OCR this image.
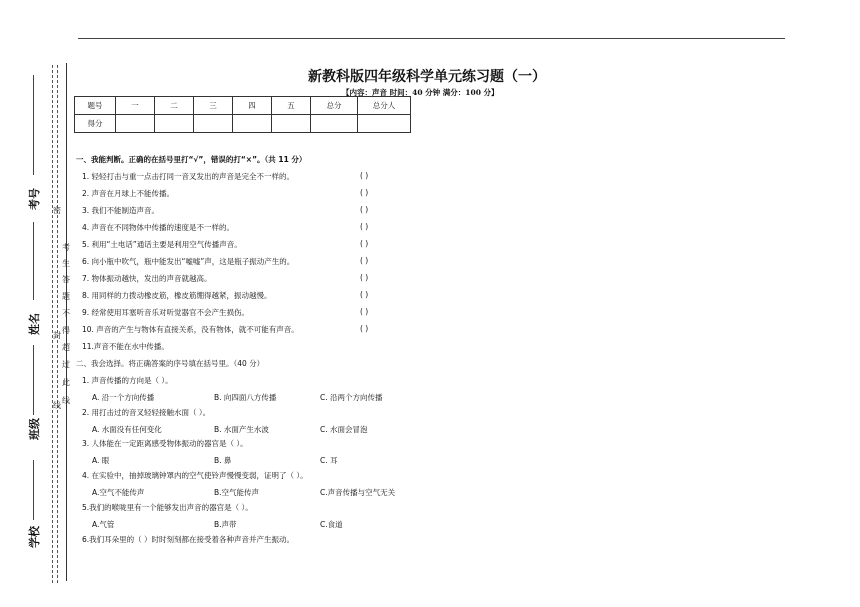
学校
班级
姓名
考号
考
生
答
题
不
得
超
过
此
线
密
封
线
新教科版四年级科学单元练习题（一）
【内容：声音 时间：40 分钟 满分：100 分】
题号	一	二	三	四	五	总分	总分人
得分							
一、我能判断。正确的在括号里打“√”，错误的打“×”。（共 11 分）
1. 轻轻打击与重一点击打同一音叉发出的声音是完全不一样的。	( )
2. 声音在月球上不能传播。	( )
3. 我们不能制造声音。	( )
4. 声音在不同物体中传播的速度是不一样的。	( )
5. 利用“土电话”通话主要是利用空气传播声音。	( )
6. 向小瓶中吹气，瓶中能发出“嘘嘘”声，这是瓶子振动产生的。	( )
7. 物体振动越快，发出的声音就越高。	( )
8. 用同样的力拨动橡皮筋，橡皮筋绷得越紧，振动越慢。	( )
9. 经常使用耳塞听音乐对听觉器官不会产生损伤。	( )
10. 声音的产生与物体有直接关系，没有物体，就不可能有声音。	( )
11.声音不能在水中传播。
二、我会选择。将正确答案的序号填在括号里。（40 分）
1. 声音传播的方向是（ ）。
A. 沿一个方向传播	B. 向四面八方传播	C. 沿两个方向传播
2. 用打击过的音叉轻轻接触水面（ ）。
A. 水面没有任何变化	B. 水面产生水波	C. 水面会冒泡
3. 人体能在一定距离感受物体振动的器官是（ ）。
A. 眼	B. 鼻	C. 耳
4. 在实验中，抽掉玻璃钟罩内的空气使铃声慢慢变弱，证明了（ ）。
A.空气不能传声	B.空气能传声	C.声音传播与空气无关
5.我们的喉咙里有一个能够发出声音的器官是（ ）。
A.气管	B.声带	C.食道
6.我们耳朵里的（ ）时时刻刻都在接受着各种声音并产生振动。
